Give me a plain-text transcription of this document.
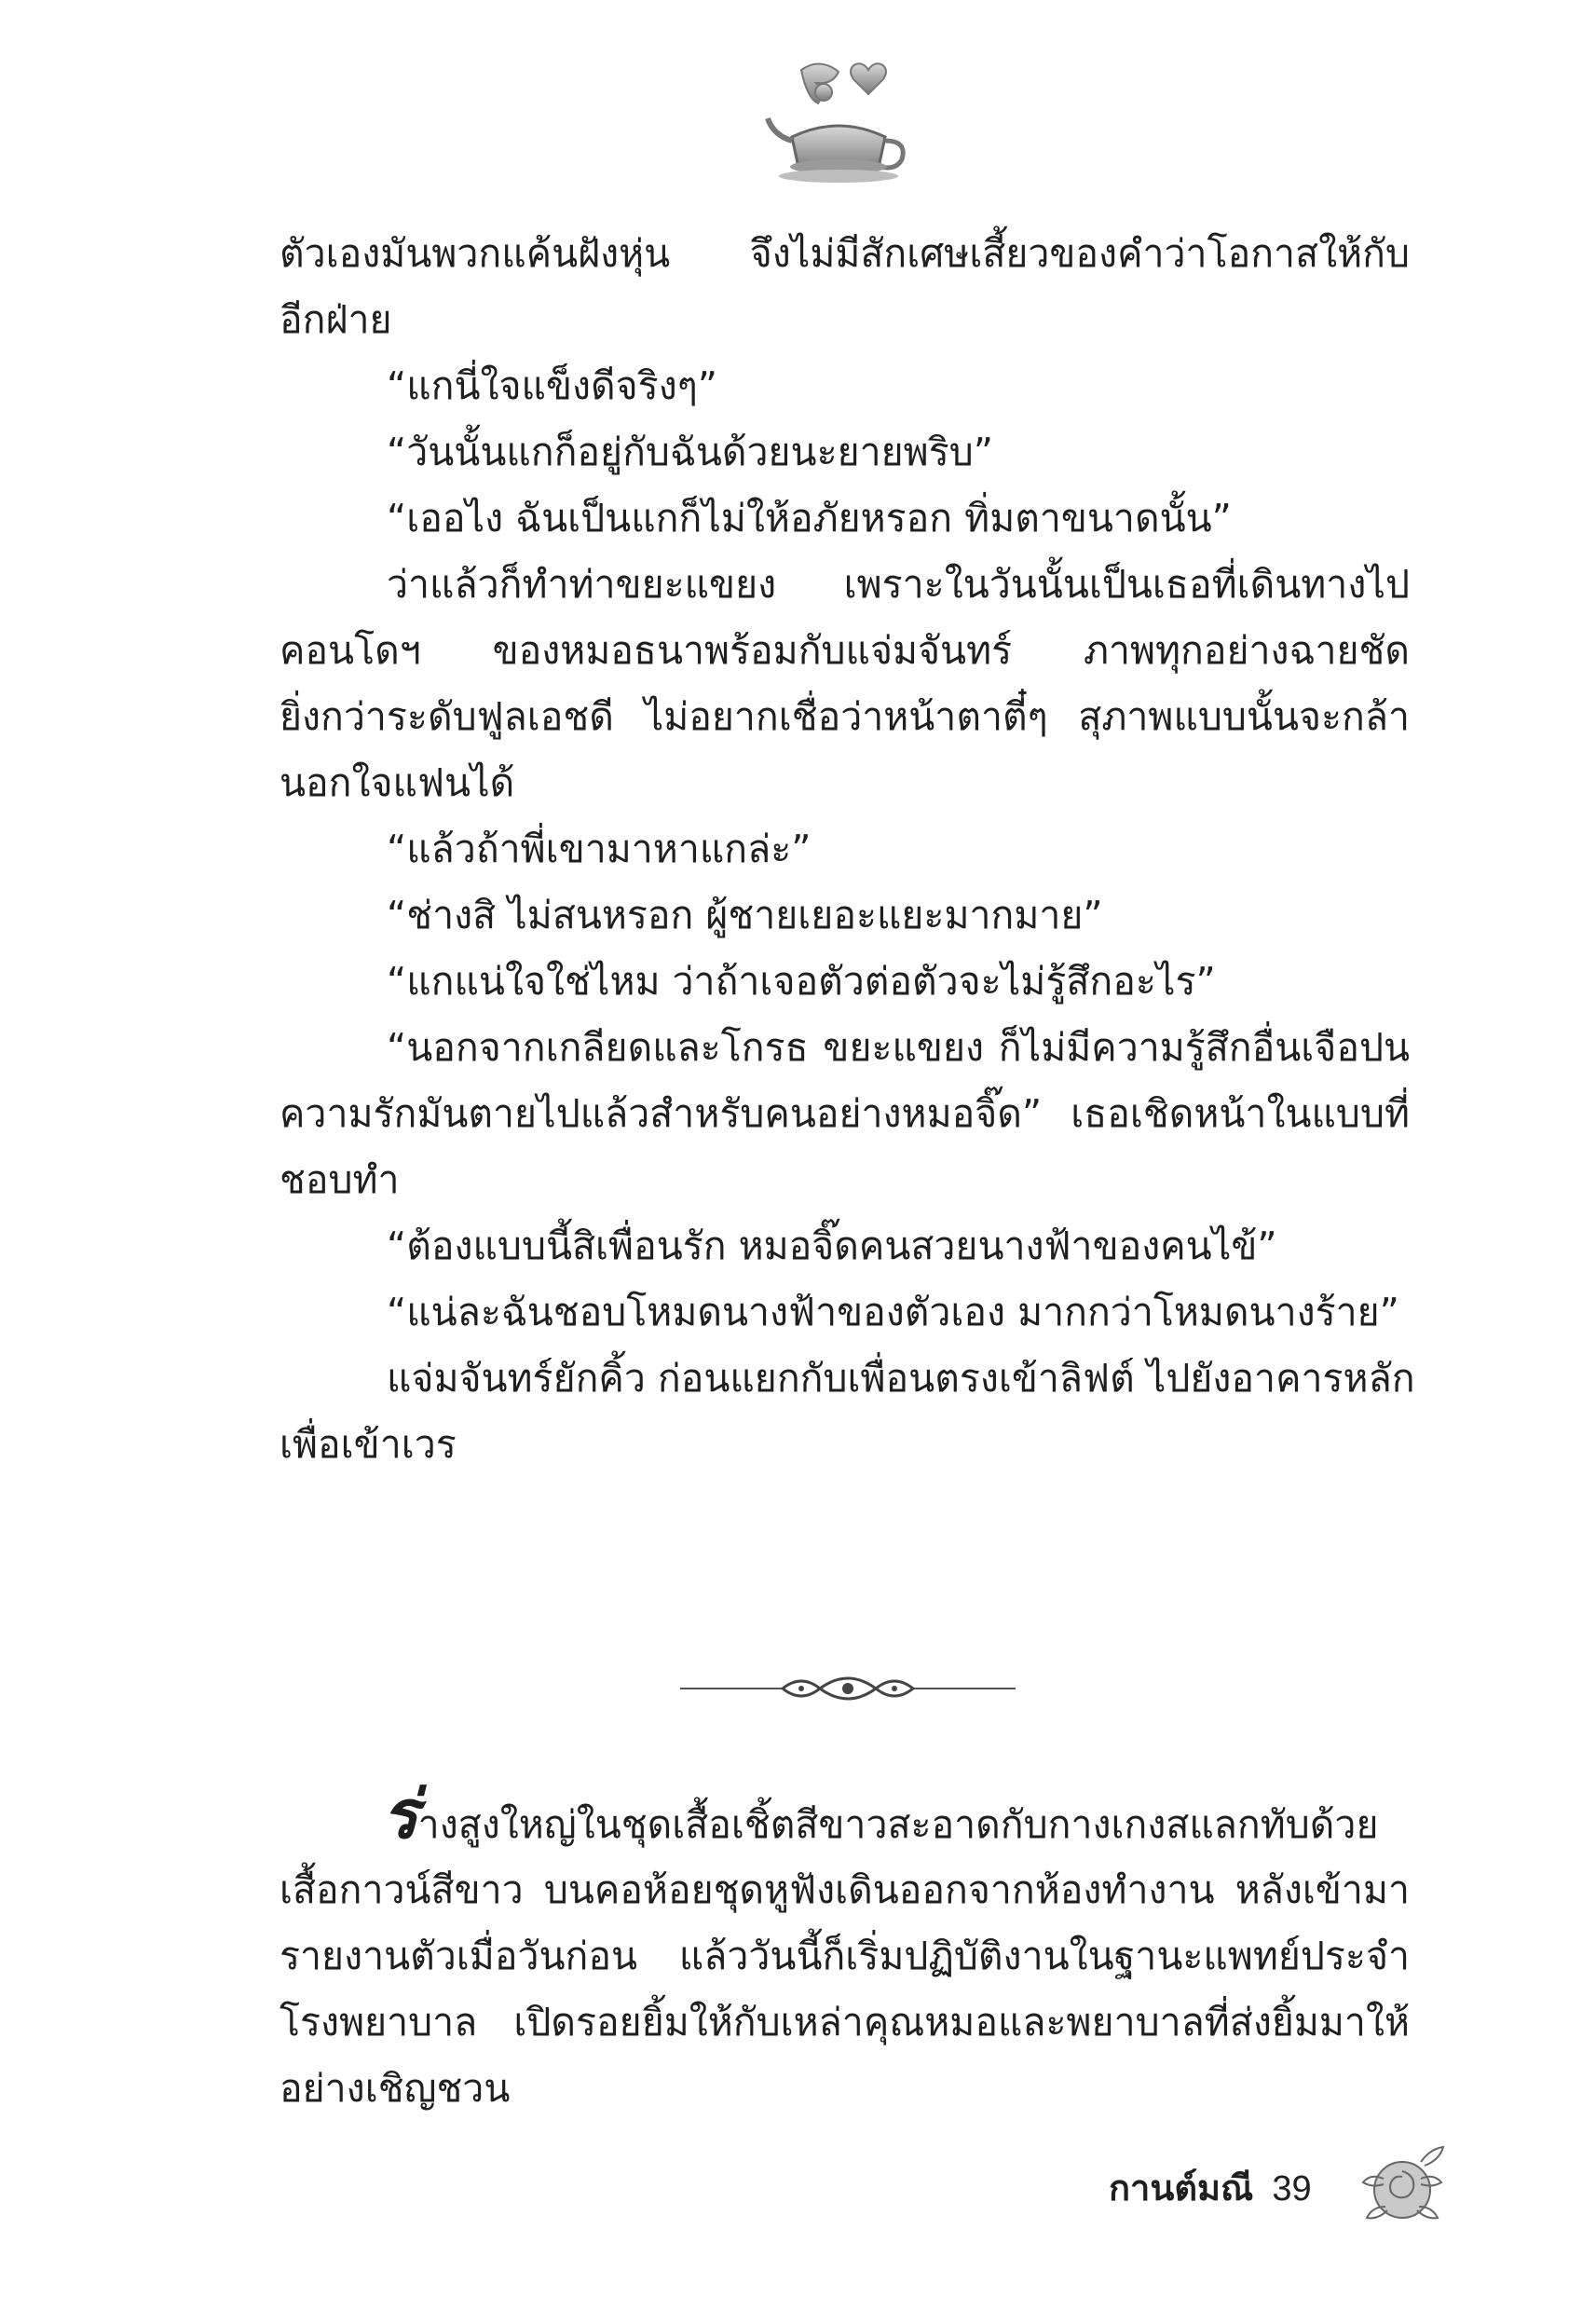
ตัวเองมันพวกแค้นฝังหุ่น จึงไม่มีสักเศษเสี้ยวของคำว่าโอกาสให้กับ
อีกฝ่าย
“แกนี่ใจแข็งดีจริงๆ”
“วันนั้นแกก็อยู่กับฉันด้วยนะยายพริบ”
“เออไง ฉันเป็นแกก็ไม่ให้อภัยหรอก ทิ่มตาขนาดนั้น”
ว่าแล้วก็ทำท่าขยะแขยง เพราะในวันนั้นเป็นเธอที่เดินทางไป
คอนโดฯ ของหมอธนาพร้อมกับแจ่มจันทร์ ภาพทุกอย่างฉายชัด
ยิ่งกว่าระดับฟูลเอชดี ไม่อยากเชื่อว่าหน้าตาตี๋ๆ สุภาพแบบนั้นจะกล้า
นอกใจแฟนได้
“แล้วถ้าพี่เขามาหาแกล่ะ”
“ช่างสิ ไม่สนหรอก ผู้ชายเยอะแยะมากมาย”
“แกแน่ใจใช่ไหม ว่าถ้าเจอตัวต่อตัวจะไม่รู้สึกอะไร”
“นอกจากเกลียดและโกรธ ขยะแขยง ก็ไม่มีความรู้สึกอื่นเจือปน
ความรักมันตายไปแล้วสำหรับคนอย่างหมอจิ๊ด” เธอเชิดหน้าในแบบที่
ชอบทำ
“ต้องแบบนี้สิเพื่อนรัก หมอจิ๊ดคนสวยนางฟ้าของคนไข้”
“แน่ละฉันชอบโหมดนางฟ้าของตัวเอง มากกว่าโหมดนางร้าย”
แจ่มจันทร์ยักคิ้ว ก่อนแยกกับเพื่อนตรงเข้าลิฟต์ ไปยังอาคารหลัก
เพื่อเข้าเวร
ร่างสูงใหญ่ในชุดเสื้อเชิ้ตสีขาวสะอาดกับกางเกงสแลกทับด้วย
เสื้อกาวน์สีขาว บนคอห้อยชุดหูฟังเดินออกจากห้องทำงาน หลังเข้ามา
รายงานตัวเมื่อวันก่อน แล้ววันนี้ก็เริ่มปฏิบัติงานในฐานะแพทย์ประจำ
โรงพยาบาล เปิดรอยยิ้มให้กับเหล่าคุณหมอและพยาบาลที่ส่งยิ้มมาให้
อย่างเชิญชวน
กานต์มณี 39
